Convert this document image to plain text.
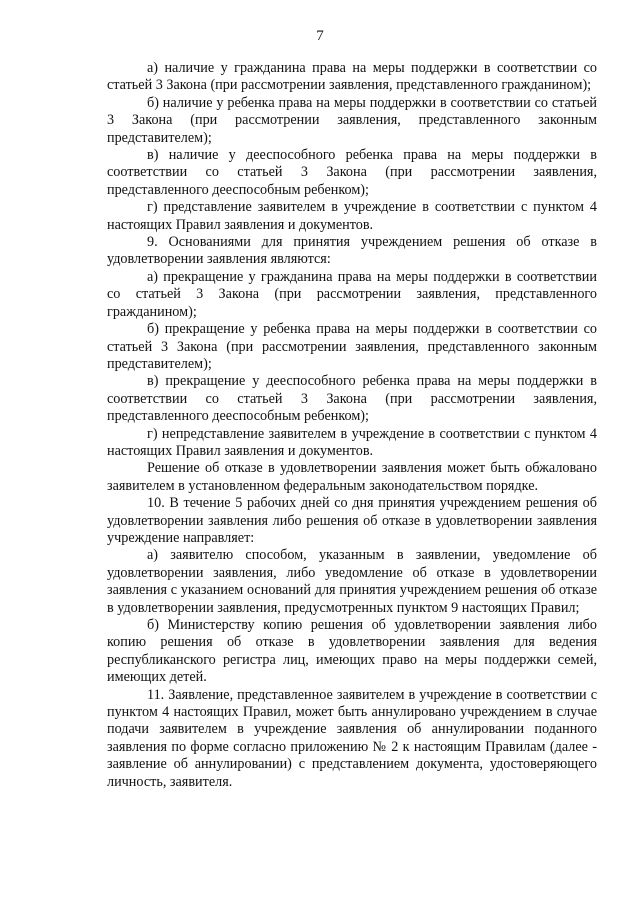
7

а) наличие у гражданина права на меры поддержки в соответствии со статьей 3 Закона (при рассмотрении заявления, представленного гражданином);

б) наличие у ребенка права на меры поддержки в соответствии со статьей 3 Закона (при рассмотрении заявления, представленного законным представителем);

в) наличие у дееспособного ребенка права на меры поддержки в соответствии со статьей 3 Закона (при рассмотрении заявления, представленного дееспособным ребенком);

г) представление заявителем в учреждение в соответствии с пунктом 4 настоящих Правил заявления и документов.

9. Основаниями для принятия учреждением решения об отказе в удовлетворении заявления являются:

а) прекращение у гражданина права на меры поддержки в соответствии со статьей 3 Закона (при рассмотрении заявления, представленного гражданином);

б) прекращение у ребенка права на меры поддержки в соответствии со статьей 3 Закона (при рассмотрении заявления, представленного законным представителем);

в) прекращение у дееспособного ребенка права на меры поддержки в соответствии со статьей 3 Закона (при рассмотрении заявления, представленного дееспособным ребенком);

г) непредставление заявителем в учреждение в соответствии с пунктом 4 настоящих Правил заявления и документов.

Решение об отказе в удовлетворении заявления может быть обжаловано заявителем в установленном федеральным законодательством порядке.

10. В течение 5 рабочих дней со дня принятия учреждением решения об удовлетворении заявления либо решения об отказе в удовлетворении заявления учреждение направляет:

а) заявителю способом, указанным в заявлении, уведомление об удовлетворении заявления, либо уведомление об отказе в удовлетворении заявления с указанием оснований для принятия учреждением решения об отказе в удовлетворении заявления, предусмотренных пунктом 9 настоящих Правил;

б) Министерству копию решения об удовлетворении заявления либо копию решения об отказе в удовлетворении заявления для ведения республиканского регистра лиц, имеющих право на меры поддержки семей, имеющих детей.

11. Заявление, представленное заявителем в учреждение в соответствии с пунктом 4 настоящих Правил, может быть аннулировано учреждением в случае подачи заявителем в учреждение заявления об аннулировании поданного заявления по форме согласно приложению № 2 к настоящим Правилам (далее - заявление об аннулировании) с представлением документа, удостоверяющего личность, заявителя.
